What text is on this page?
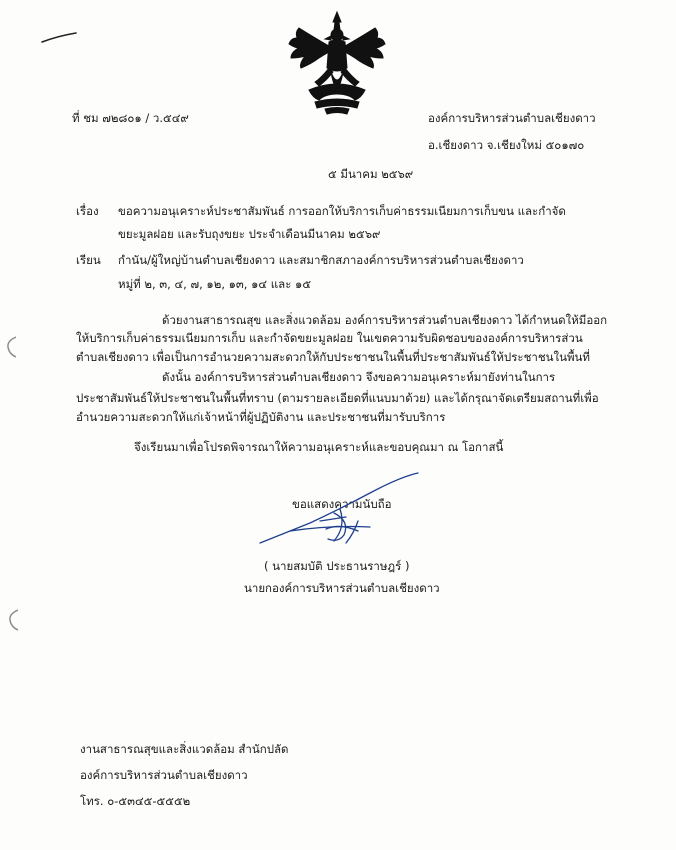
ที่ ชม ๗๒๘๐๑ / ว.๕๔๙	องค์การบริหารส่วนตำบลเชียงดาว
อ.เชียงดาว จ.เชียงใหม่ ๕๐๑๗๐
๕ มีนาคม ๒๕๖๙
เรื่อง ขอความอนุเคราะห์ประชาสัมพันธ์ การออกให้บริการเก็บค่าธรรมเนียมการเก็บขน และกำจัด
ขยะมูลฝอย และรับถุงขยะ ประจำเดือนมีนาคม ๒๕๖๙
เรียน กำนัน/ผู้ใหญ่บ้านตำบลเชียงดาว และสมาชิกสภาองค์การบริหารส่วนตำบลเชียงดาว
หมู่ที่ ๒, ๓, ๔, ๗, ๑๒, ๑๓, ๑๔ และ ๑๕
ด้วยงานสาธารณสุข และสิ่งแวดล้อม องค์การบริหารส่วนตำบลเชียงดาว ได้กำหนดให้มีออก
ให้บริการเก็บค่าธรรมเนียมการเก็บ และกำจัดขยะมูลฝอย ในเขตความรับผิดชอบขององค์การบริหารส่วน
ตำบลเชียงดาว เพื่อเป็นการอำนวยความสะดวกให้กับประชาชนในพื้นที่ประชาสัมพันธ์ให้ประชาชนในพื้นที่
ดังนั้น องค์การบริหารส่วนตำบลเชียงดาว จึงขอความอนุเคราะห์มายังท่านในการ
ประชาสัมพันธ์ให้ประชาชนในพื้นที่ทราบ (ตามรายละเอียดที่แนบมาด้วย) และได้กรุณาจัดเตรียมสถานที่เพื่อ
อำนวยความสะดวกให้แก่เจ้าหน้าที่ผู้ปฏิบัติงาน และประชาชนที่มารับบริการ
จึงเรียนมาเพื่อโปรดพิจารณาให้ความอนุเคราะห์และขอบคุณมา ณ โอกาสนี้
ขอแสดงความนับถือ
( นายสมบัติ ประธานราษฎร์ )
นายกองค์การบริหารส่วนตำบลเชียงดาว
งานสาธารณสุขและสิ่งแวดล้อม สำนักปลัด
องค์การบริหารส่วนตำบลเชียงดาว
โทร. ๐-๕๓๔๕-๕๕๕๒
